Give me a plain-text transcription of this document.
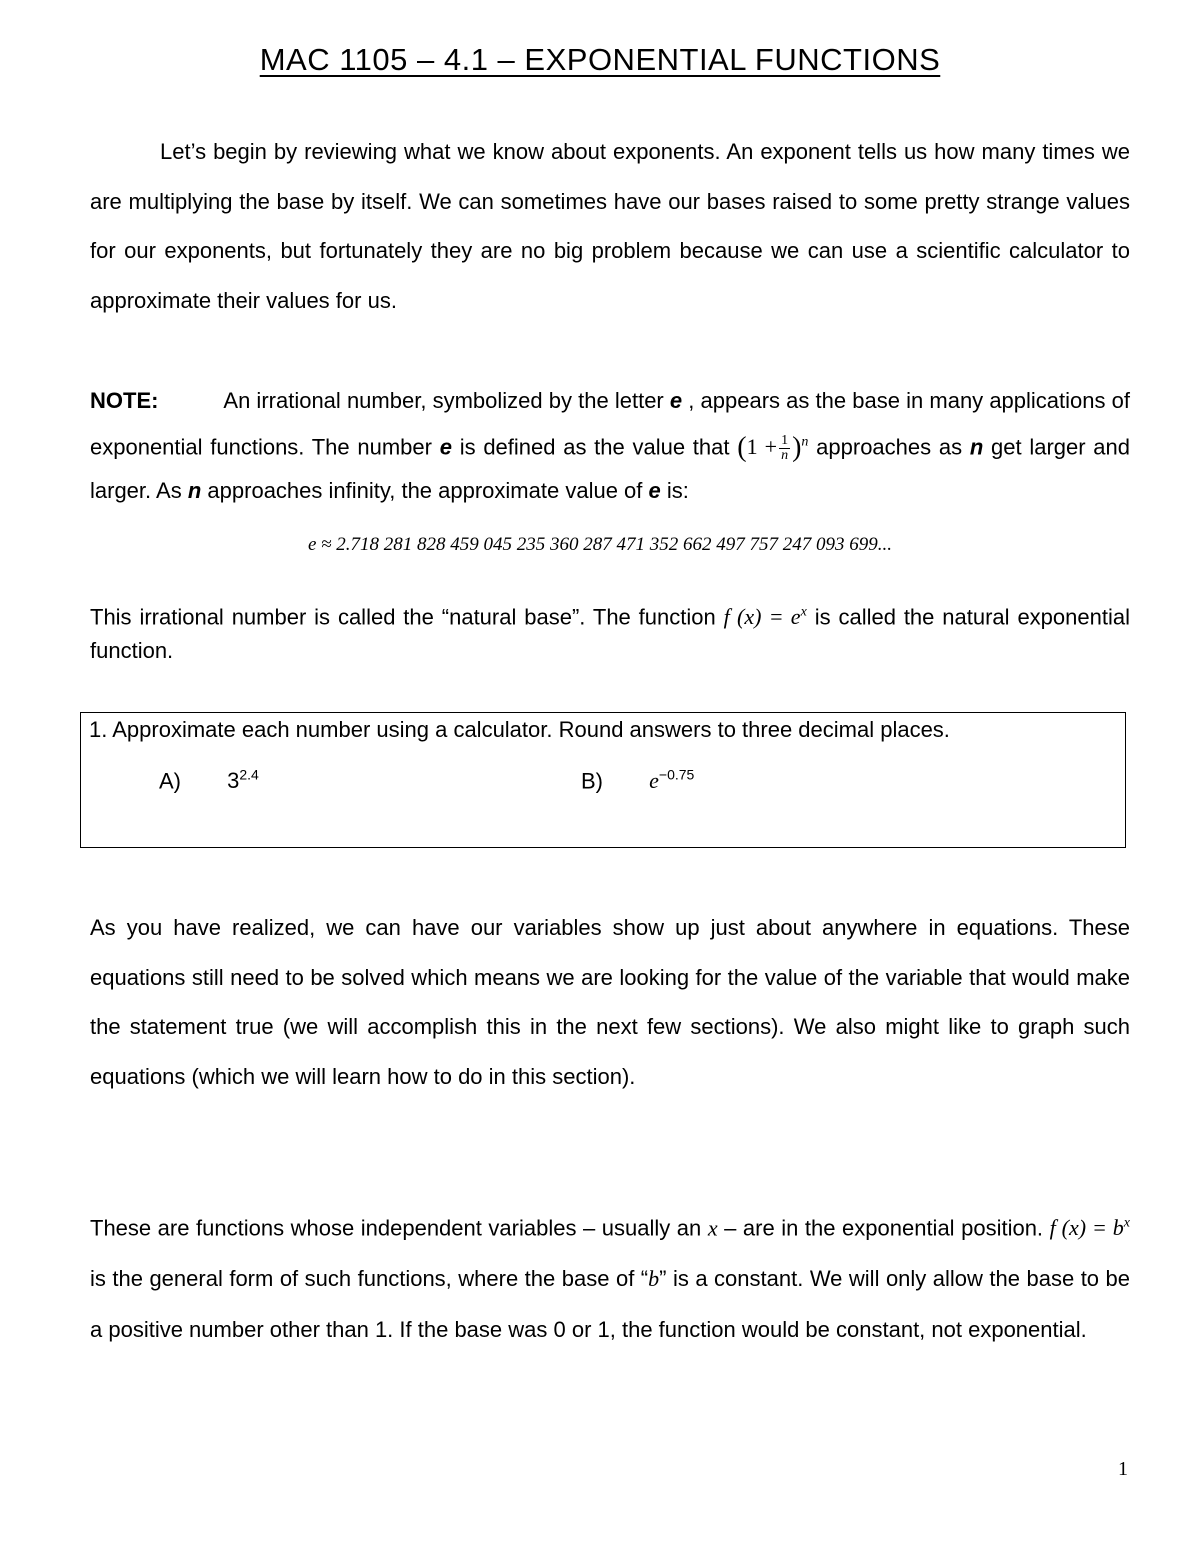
MAC 1105 – 4.1 – EXPONENTIAL FUNCTIONS
Let’s begin by reviewing what we know about exponents. An exponent tells us how many times we are multiplying the base by itself. We can sometimes have our bases raised to some pretty strange values for our exponents, but fortunately they are no big problem because we can use a scientific calculator to approximate their values for us.
NOTE:	An irrational number, symbolized by the letter e , appears as the base in many applications of exponential functions. The number e is defined as the value that $(1 + \frac{1}{n} )^n$ approaches as n get larger and larger. As n approaches infinity, the approximate value of e is:
e ≈ 2.718 281 828 459 045 235 360 287 471 352 662 497 757 247 093 699...
This irrational number is called the “natural base”. The function f $(x) = e^x$ is called the natural exponential function.
1. Approximate each number using a calculator. Round answers to three decimal places.
A) $3^{2.4}$	B) $e^{-0.75}$
As you have realized, we can have our variables show up just about anywhere in equations. These equations still need to be solved which means we are looking for the value of the variable that would make the statement true (we will accomplish this in the next few sections). We also might like to graph such equations (which we will learn how to do in this section).
These are functions whose independent variables – usually an x – are in the exponential position. f $(x) = b^x$ is the general form of such functions, where the base of “b” is a constant. We will only allow the base to be a positive number other than 1. If the base was 0 or 1, the function would be constant, not exponential.
1
